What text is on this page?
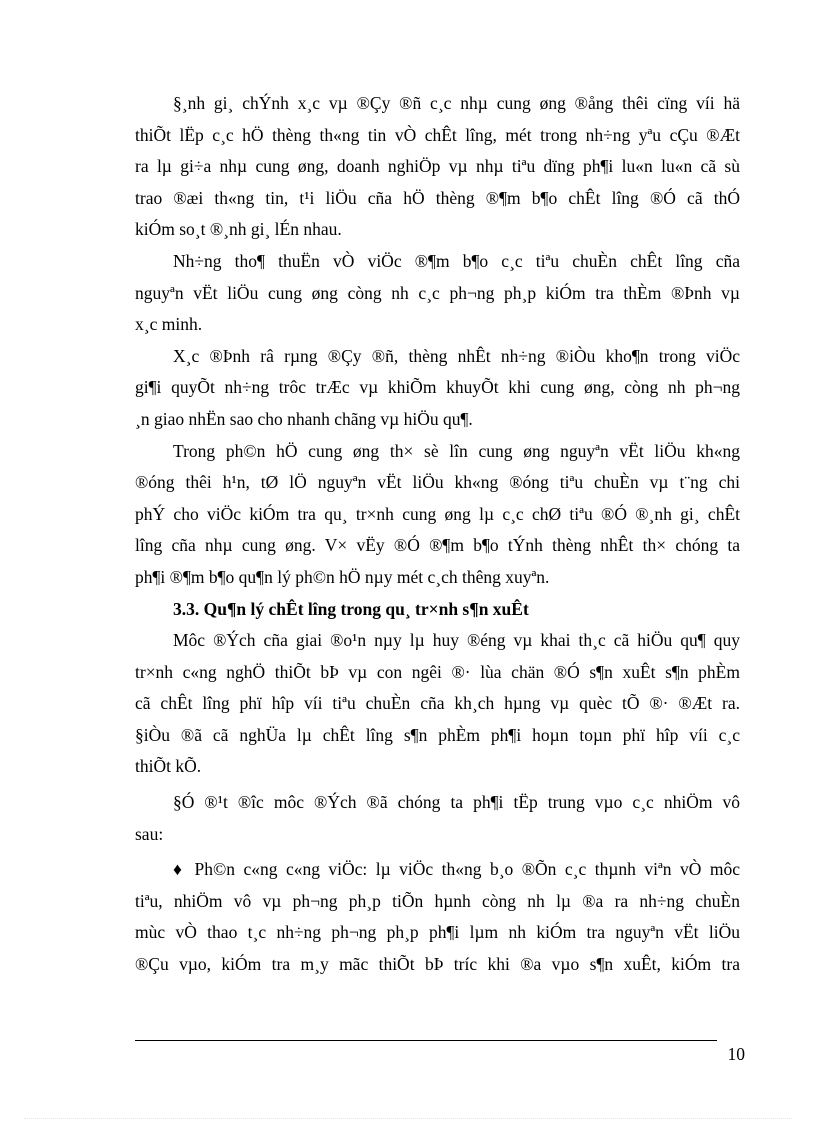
§¸nh gi¸ chÝnh x¸c vµ ®Çy ®ñ c¸c nhµ cung øng ®ång thêi cïng víi hä
thiÕt lËp c¸c hÖ thèng th«ng tin vÒ chÊt lîng, mét trong nh÷ng yªu cÇu ®Æt
ra lµ gi÷a nhµ cung øng, doanh nghiÖp vµ nhµ tiªu dïng ph¶i lu«n lu«n cã sù
trao ®æi th«ng tin, t¹i liÖu cña hÖ thèng ®¶m b¶o chÊt lîng ®Ó cã thÓ
kiÓm so¸t ®¸nh gi¸ lÉn nhau.

Nh÷ng tho¶ thuËn vÒ viÖc ®¶m b¶o c¸c tiªu chuÈn chÊt lîng cña
nguyªn vËt liÖu cung øng còng nh c¸c ph¬ng ph¸p kiÓm tra thÈm ®Þnh vµ
x¸c minh.

X¸c ®Þnh râ rµng ®Çy ®ñ, thèng nhÊt nh÷ng ®iÒu kho¶n trong viÖc
gi¶i quyÕt nh÷ng trôc trÆc vµ khiÕm khuyÕt khi cung øng, còng nh ph¬ng
¸n giao nhËn sao cho nhanh chãng vµ hiÖu qu¶.

Trong ph©n hÖ cung øng th× sè lîn cung øng nguyªn vËt liÖu kh«ng
®óng thêi h¹n, tØ lÖ nguyªn vËt liÖu kh«ng ®óng tiªu chuÈn vµ t¨ng chi
phÝ cho viÖc kiÓm tra qu¸ tr×nh cung øng lµ c¸c chØ tiªu ®Ó ®¸nh gi¸ chÊt
lîng cña nhµ cung øng. V× vËy ®Ó ®¶m b¶o tÝnh thèng nhÊt th× chóng ta
ph¶i ®¶m b¶o qu¶n lý ph©n hÖ nµy mét c¸ch thêng xuyªn.

3.3. Qu¶n lý chÊt lîng trong qu¸ tr×nh s¶n xuÊt

Môc ®Ých cña giai ®o¹n nµy lµ huy ®éng vµ khai th¸c cã hiÖu qu¶ quy
tr×nh c«ng nghÖ thiÕt bÞ vµ con ngêi ®· lùa chän ®Ó s¶n xuÊt s¶n phÈm
cã chÊt lîng phï hîp víi tiªu chuÈn cña kh¸ch hµng vµ quèc tÕ ®· ®Æt ra.
§iÒu ®ã cã nghÜa lµ chÊt lîng s¶n phÈm ph¶i hoµn toµn phï hîp víi c¸c
thiÕt kÕ.

§Ó ®¹t ®îc môc ®Ých ®ã chóng ta ph¶i tËp trung vµo c¸c nhiÖm vô
sau:

♦ Ph©n c«ng c«ng viÖc: lµ viÖc th«ng b¸o ®Õn c¸c thµnh viªn vÒ môc
tiªu, nhiÖm vô vµ ph¬ng ph¸p tiÕn hµnh còng nh lµ ®a ra nh÷ng chuÈn
mùc vÒ thao t¸c nh÷ng ph¬ng ph¸p ph¶i lµm nh kiÓm tra nguyªn vËt liÖu
®Çu vµo, kiÓm tra m¸y mãc thiÕt bÞ tríc khi ®a vµo s¶n xuÊt, kiÓm tra

10
